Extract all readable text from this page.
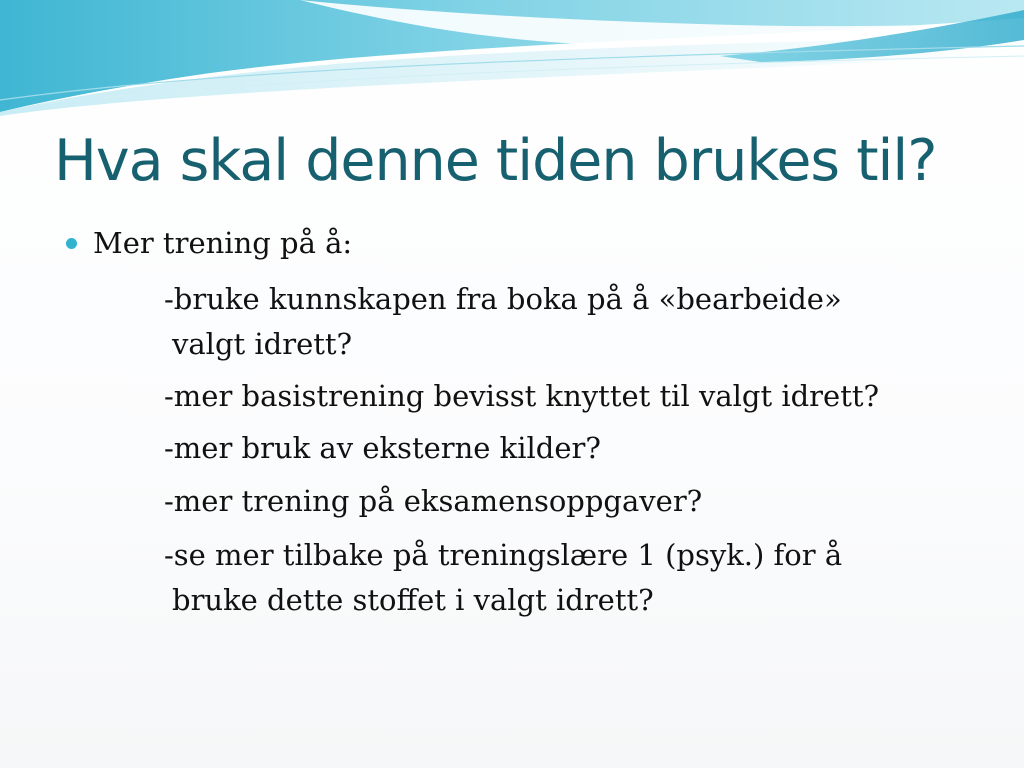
Hva skal denne tiden brukes til?
Mer trening på å:
-bruke kunnskapen fra boka på å «bearbeide»
valgt idrett?
-mer basistrening bevisst knyttet til valgt idrett?
-mer bruk av eksterne kilder?
-mer trening på eksamensoppgaver?
-se mer tilbake på treningslære 1 (psyk.) for å
bruke dette stoffet i valgt idrett?
